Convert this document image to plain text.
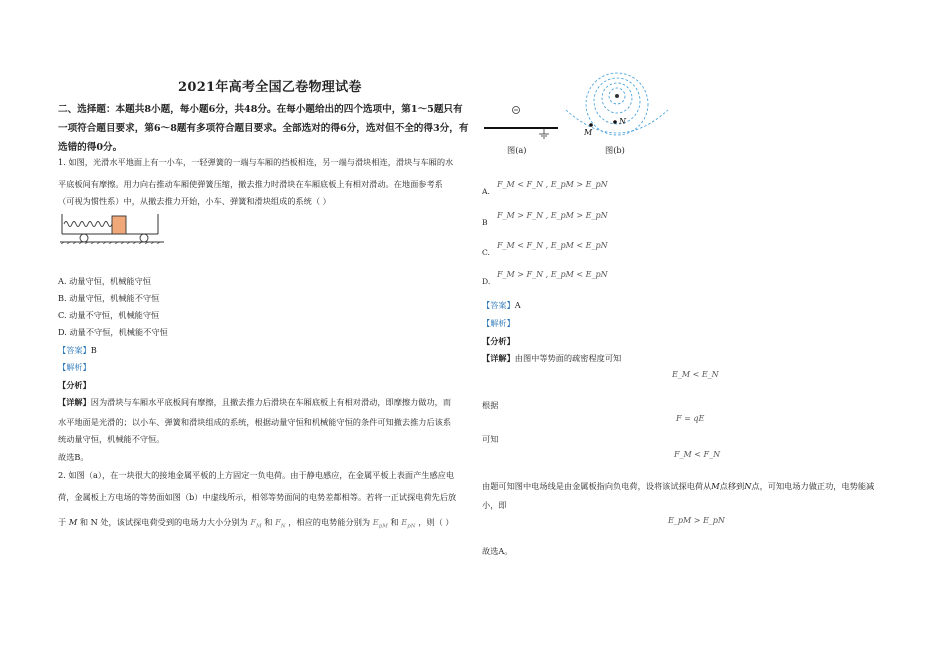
2021年高考全国乙卷物理试卷
二、选择题：本题共8小题，每小题6分，共48分。在每小题给出的四个选项中，第1～5题只有一项符合题目要求，第6～8题有多项符合题目要求。全部选对的得6分，选对但不全的得3分，有选错的得0分。
1. 如图，光滑水平地面上有一小车，一轻弹簧的一端与车厢的挡板相连，另一端与滑块相连，滑块与车厢的水
平底板间有摩擦。用力向右推动车厢使弹簧压缩，撤去推力时滑块在车厢底板上有相对滑动。在地面参考系
（可视为惯性系）中，从撤去推力开始，小车、弹簧和滑块组成的系统（ ）
A. 动量守恒，机械能守恒
B. 动量守恒，机械能不守恒
C. 动量不守恒，机械能守恒
D. 动量不守恒，机械能不守恒
【答案】B
【解析】
【分析】
【详解】因为滑块与车厢水平底板间有摩擦，且撤去推力后滑块在车厢底板上有相对滑动，即摩擦力做功，而
水平地面是光滑的；以小车、弹簧和滑块组成的系统，根据动量守恒和机械能守恒的条件可知撤去推力后该系
统动量守恒，机械能不守恒。
故选B。
2. 如图（a），在一块很大的接地金属平板的上方固定一负电荷。由于静电感应，在金属平板上表面产生感应电
荷，金属板上方电场的等势面如图（b）中虚线所示，相邻等势面间的电势差都相等。若将一正试探电荷先后放
于 M 和 N 处，该试探电荷受到的电场力大小分别为 $F_M$ 和 $F_N$ ，相应的电势能分别为 $E_{pM}$ 和 $E_{pN}$ ，则（ ）
图(a)
M
N
图(b)
A.
F_M < F_N , E_pM > E_pN
B
F_M > F_N , E_pM > E_pN
C.
F_M < F_N , E_pM < E_pN
D.
F_M > F_N , E_pM < E_pN
【答案】A
【解析】
【分析】
【详解】由图中等势面的疏密程度可知
E_M < E_N
根据
F = qE
可知
F_M < F_N
由题可知图中电场线是由金属板指向负电荷，设将该试探电荷从M点移到N点，可知电场力做正功，电势能减
小，即
E_pM > E_pN
故选A。
